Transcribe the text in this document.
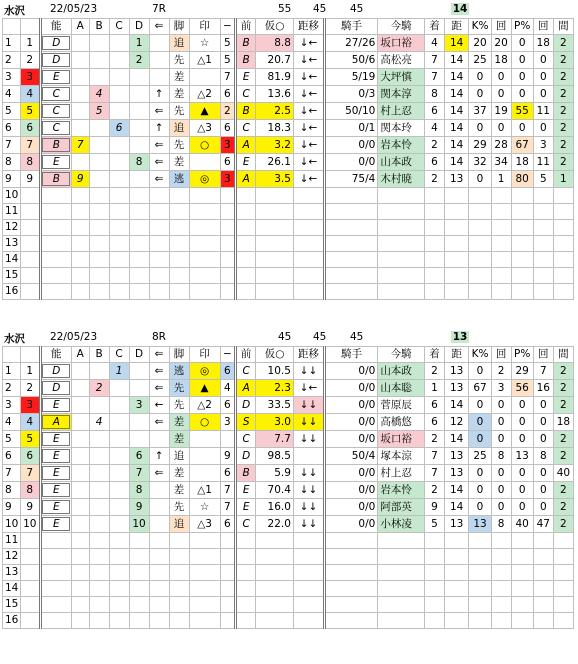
水沢 22/05/23	7R	55 45 45	14
		能	A	B	C	D	⇐	脚	印	−	前	仮○	距移	騎手	今騎	着	距	K%	回	P%	回	間
1	1	D				1		追	☆	5	B	8.8	↓←	27/26	坂口裕	4	14	20	20	0	18	2
2	2	D				2		先	△1	5	B	20.7	↓←	50/6	高松亮	7	14	25	18	0	0	2
3	3	E						差		7	E	81.9	↓←	5/19	大坪慎	7	14	0	0	0	0	2
4	4	C		4			↑	差	△2	6	C	13.6	↓←	0/3	関本淳	8	14	0	0	0	0	2
5	5	C		5			⇐	先	▲	2	B	2.5	↓←	50/10	村上忍	6	14	37	19	55	11	2
6	6	C			6		↑	追	△3	6	C	18.3	↓←	0/1	関本玲	4	14	0	0	0	0	2
7	7	B	7				⇐	先	○	3	A	3.2	↓←	0/0	岩本怜	2	14	29	28	67	3	2
8	8	E				8	⇐	差		6	E	26.1	↓←	0/0	山本政	6	14	32	34	18	11	2
9	9	B	9				⇐	逃	◎	3	A	3.5	↓←	75/4	木村暁	2	13	0	1	80	5	1
10																						
11																						
12																						
13																						
14																						
15																						
16																						
水沢 22/05/23	8R	45 45 45	13
		能	A	B	C	D	⇐	脚	印	−	前	仮○	距移	騎手	今騎	着	距	K%	回	P%	回	間
1	1	D			1		⇐	逃	◎	6	C	10.5	↓↓	0/0	山本政	2	13	0	2	29	7	2
2	2	D		2			⇐	先	▲	4	A	2.3	↓←	0/0	山本聡	1	13	67	3	56	16	2
3	3	E				3	←	先	△2	6	D	33.5	↓↓	0/0	菅原辰	6	14	0	0	0	0	2
4	4	A		4			⇐	差	○	3	S	3.0	↓↓	0/0	高橋悠	6	12	0	0	0	0	18
5	5	E						差			C	7.7	↓↓	0/0	坂口裕	2	14	0	0	0	0	2
6	6	E				6	↑	追		9	D	98.5		50/4	塚本涼	7	13	25	8	13	8	2
7	7	E				7	⇐	差		6	B	5.9	↓↓	0/0	村上忍	7	13	0	0	0	0	40
8	8	E				8		差	△1	7	E	70.4	↓↓	0/0	岩本怜	2	14	0	0	0	0	2
9	9	E				9		先	☆	7	E	16.0	↓↓	0/0	阿部英	9	14	0	0	0	0	2
10	10	E				10		追	△3	6	C	22.0	↓↓	0/0	小林凌	5	13	13	8	40	47	2
11																						
12																						
13																						
14																						
15																						
16																						
